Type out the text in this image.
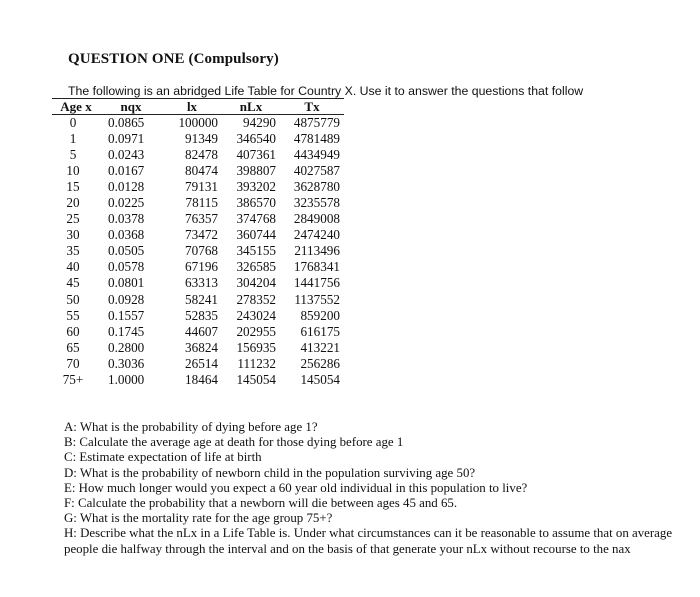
QUESTION ONE (Compulsory)
The following is an abridged Life Table for Country X. Use it to answer the questions that follow
Age x	nqx	lx	nLx	Tx
0	0.0865	100000	94290	4875779
1	0.0971	91349	346540	4781489
5	0.0243	82478	407361	4434949
10	0.0167	80474	398807	4027587
15	0.0128	79131	393202	3628780
20	0.0225	78115	386570	3235578
25	0.0378	76357	374768	2849008
30	0.0368	73472	360744	2474240
35	0.0505	70768	345155	2113496
40	0.0578	67196	326585	1768341
45	0.0801	63313	304204	1441756
50	0.0928	58241	278352	1137552
55	0.1557	52835	243024	859200
60	0.1745	44607	202955	616175
65	0.2800	36824	156935	413221
70	0.3036	26514	111232	256286
75+	1.0000	18464	145054	145054

A: What is the probability of dying before age 1?

B: Calculate the average age at death for those dying before age 1

C: Estimate expectation of life at birth

D: What is the probability of newborn child in the population surviving age 50?

E: How much longer would you expect a 60 year old individual in this population to live?

F: Calculate the probability that a newborn will die between ages 45 and 65.

G: What is the mortality rate for the age group 75+?

H: Describe what the nLx in a Life Table is. Under what circumstances can it be reasonable to assume that on average people die halfway through the interval and on the basis of that generate your nLx without recourse to the nax
